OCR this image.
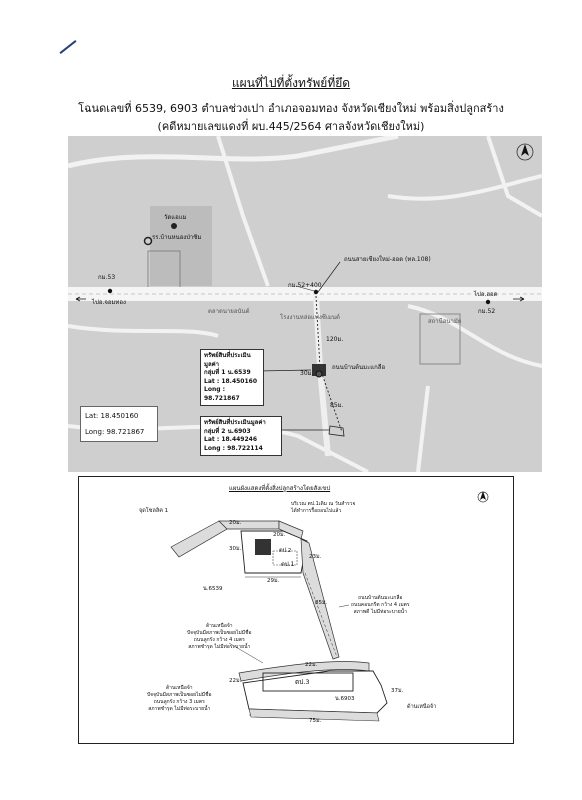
แผนที่ไปที่ตั้งทรัพย์ที่ยึด
โฉนดเลขที่ 6539, 6903 ตำบลช่วงเปา อำเภอจอมทอง จังหวัดเชียงใหม่ พร้อมสิ่งปลูกสร้าง
(คดีหมายเลขแดงที่ ผบ.445/2564 ศาลจังหวัดเชียงใหม่)
วัดแอแม
รร.บ้านหนองป่าซิม
กม.53
ไปอ.จอมทอง
ไปอ.ฮอด
กม.52
กม.52+400
ถนนสายเชียงใหม่-ฮอด (ทล.108)
ตลาดนายอนันต์
โรงงานหล่อแท่งซีเมนต์
สถานีอนามัย
120ม.
30ม.
85ม.
ถนนบ้านต้นมะแกลือ
ทรัพย์สินที่ประเมินมูลค่า
กลุ่มที่ 1 น.6539
Lat : 18.450160
Long : 98.721867
ทรัพย์สินที่ประเมินมูลค่า
กลุ่มที่ 2 น.6903
Lat : 18.449246
Long : 98.722114
Lat: 18.450160
Long: 98.721867
แผนผังแสดงที่ตั้งสิ่งปลูกสร้างโดยสังเขป
จุดโซลลิค 1
บริเวณ ตป.1เดิม ณ วันสำรวจ
ได้ทำการรื้อถอนไปแล้ว
20ม.
20ม.
30ม.
23ม.
ตป.2
ตป.1
29ม.
น.6539
85ม.
ถนนบ้านต้นมะแกลือ
ถนนคอนกรีต กว้าง 4 เมตร
สภาพดี ไม่มีท่อระบายน้ำ
ด้านเหนือจ้า
ปัจจุบันมีสภาพเป็นซอยไม่มีชื่อ
ถนนลูกรัง กว้าง 4 เมตร
สภาพชำรุด ไม่มีท่อระบายน้ำ
22ม.
22ม.	ตป.3
น.6903
37ม.
75ม.
ด้านเหนือจ้า
ปัจจุบันมีสภาพเป็นซอยไม่มีชื่อ
ถนนลูกรัง กว้าง 3 เมตร
สภาพชำรุด ไม่มีท่อระบายน้ำ	ด้านเหนือจ้า
